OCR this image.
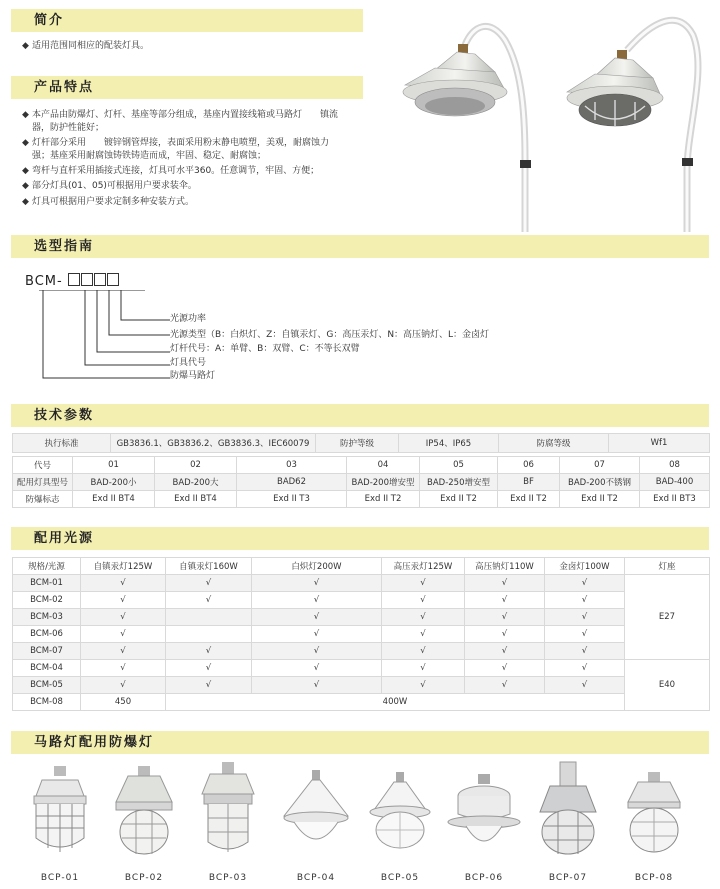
简介
产品特点
选型指南
技术参数
配用光源
马路灯配用防爆灯
◆ 适用范围同相应的配装灯具。
◆ 本产品由防爆灯、灯杆、基座等部分组成，基座内置接线箱或马路灯　　镇流
器，防护性能好；
◆ 灯杆部分采用　　镀锌钢管焊接，表面采用粉末静电喷塑，美观，耐腐蚀力
强；基座采用耐腐蚀铸铁铸造而成，牢固、稳定、耐腐蚀；
◆ 弯杆与直杆采用插接式连接，灯具可水平360。任意调节，牢固、方便；
◆ 部分灯具(01、05)可根据用户要求装伞。
◆ 灯具可根据用户要求定制多种安装方式。
BCM-
光源功率
光源类型（B：白炽灯、Z：自镇汞灯、G：高压汞灯、N：高压钠灯、L：金卤灯
灯杆代号：A：单臂、B：双臂、C：不等长双臂
灯具代号
防爆马路灯
执行标准	GB3836.1、GB3836.2、GB3836.3、IEC60079	防护等级	IP54、IP65	防腐等级	Wf1
代号	01	02	03	04	05	06	07	08
配用灯具型号	BAD-200小	BAD-200大	BAD62	BAD-200增安型	BAD-250增安型	BF	BAD-200不锈钢	BAD-400
防爆标志	Exd II BT4	Exd II BT4	Exd II T3	Exd II T2	Exd II T2	Exd II T2	Exd II T2	Exd II BT3
规格/光源	自镇汞灯125W	自镇汞灯160W	白炽灯200W	高压汞灯125W	高压钠灯110W	金卤灯100W	灯座
BCM-01	√	√	√	√	√	√	E27
BCM-02	√	√	√	√	√	√	
BCM-03	√		√	√	√	√	
BCM-06	√		√	√	√	√	
BCM-07	√	√	√	√	√	√	
BCM-04	√	√	√	√	√	√	E40
BCM-05	√	√	√	√	√	√	
BCM-08	450	400W					
BCP-01	BCP-02	BCP-03	BCP-04	BCP-05	BCP-06	BCP-07	BCP-08
